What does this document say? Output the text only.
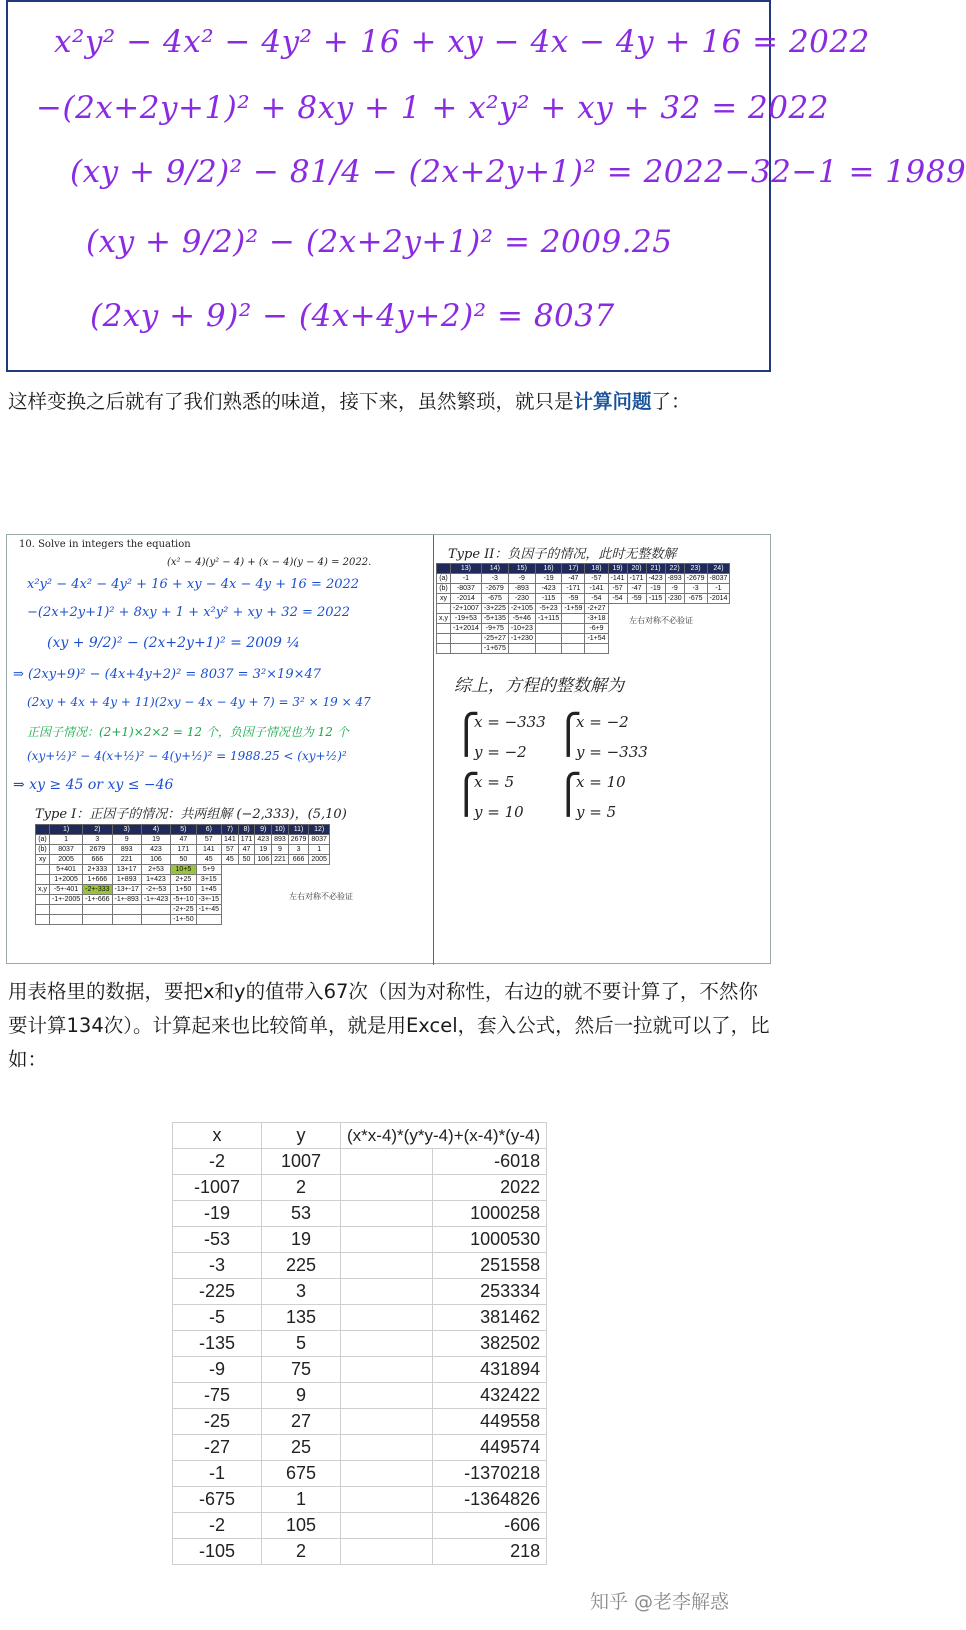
x²y² − 4x² − 4y² + 16 + xy − 4x − 4y + 16 = 2022
−(2x+2y+1)² + 8xy + 1 + x²y² + xy + 32 = 2022
(xy + 9/2)² − 81/4 − (2x+2y+1)² = 2022−32−1 = 1989
(xy + 9/2)² − (2x+2y+1)² = 2009.25
(2xy + 9)² − (4x+4y+2)² = 8037

这样变换之后就有了我们熟悉的味道，接下来，虽然繁琐，就只是计算问题了：

10. Solve in integers the equation
(x² − 4)(y² − 4) + (x − 4)(y − 4) = 2022.
x²y² − 4x² − 4y² + 16 + xy − 4x − 4y + 16 = 2022
−(2x+2y+1)² + 8xy + 1 + x²y² + xy + 32 = 2022
(xy + 9/2)² − (2x+2y+1)² = 2009 ¼
⇒ (2xy+9)² − (4x+4y+2)² = 8037 = 3²×19×47
(2xy + 4x + 4y + 11)(2xy − 4x − 4y + 7) = 3² × 19 × 47
正因子情况：(2+1)×2×2 = 12 个，负因子情况也为 12 个
(xy+½)² − 4(x+½)² − 4(y+½)² = 1988.25 < (xy+½)²
⇒ xy ≥ 45 or xy ≤ −46
Type I：正因子的情况：共两组解 (−2,333)，(5,10)
	1)	2)	3)	4)	5)	6)	7)	8)	9)	10)	11)	12)
(a)	1	3	9	19	47	57	141	171	423	893	2679	8037
(b)	8037	2679	893	423	171	141	57	47	19	9	3	1
xy	2005	666	221	106	50	45	45	50	106	221	666	2005
	5+401	2+333	13+17	2+53	10+5	5+9						
	1+2005	1+666	1+893	1+423	2+25	3+15						
x,y	-5+-401	-2+-333	-13+-17	-2+-53	1+50	1+45						
	-1+-2005	-1+-666	-1+-893	-1+-423	-5+-10	-3+-15						
					-2+-25	-1+-45						
					-1+-50							
左右对称不必验证
Type II：负因子的情况，此时无整数解
	13)	14)	15)	16)	17)	18)	19)	20)	21)	22)	23)	24)
(a)	-1	-3	-9	-19	-47	-57	-141	-171	-423	-893	-2679	-8037
(b)	-8037	-2679	-893	-423	-171	-141	-57	-47	-19	-9	-3	-1
xy	-2014	-675	-230	-115	-59	-54	-54	-59	-115	-230	-675	-2014
	-2+1007	-3+225	-2+105	-5+23	-1+59	-2+27						
x,y	-19+53	-5+135	-5+46	-1+115		-3+18						
	-1+2014	-9+75	-10+23			-6+9						
		-25+27	-1+230			-1+54						
		-1+675										
左右对称不必验证
综上，方程的整数解为
⎧
x = −333
y = −2 ⎧
x = −2
y = −333
⎧
x = 5
y = 10 ⎧
x = 10
y = 5

用表格里的数据，要把x和y的值带入67次（因为对称性，右边的就不要计算了，不然你要计算134次）。计算起来也比较简单，就是用Excel，套入公式，然后一拉就可以了，比如：

x	y	(x*x-4)*(y*y-4)+(x-4)*(y-4)	
-2	1007		-6018
-1007	2		2022
-19	53		1000258
-53	19		1000530
-3	225		251558
-225	3		253334
-5	135		381462
-135	5		382502
-9	75		431894
-75	9		432422
-25	27		449558
-27	25		449574
-1	675		-1370218
-675	1		-1364826
-2	105		-606
-105	2		218
知乎 @老李解惑
